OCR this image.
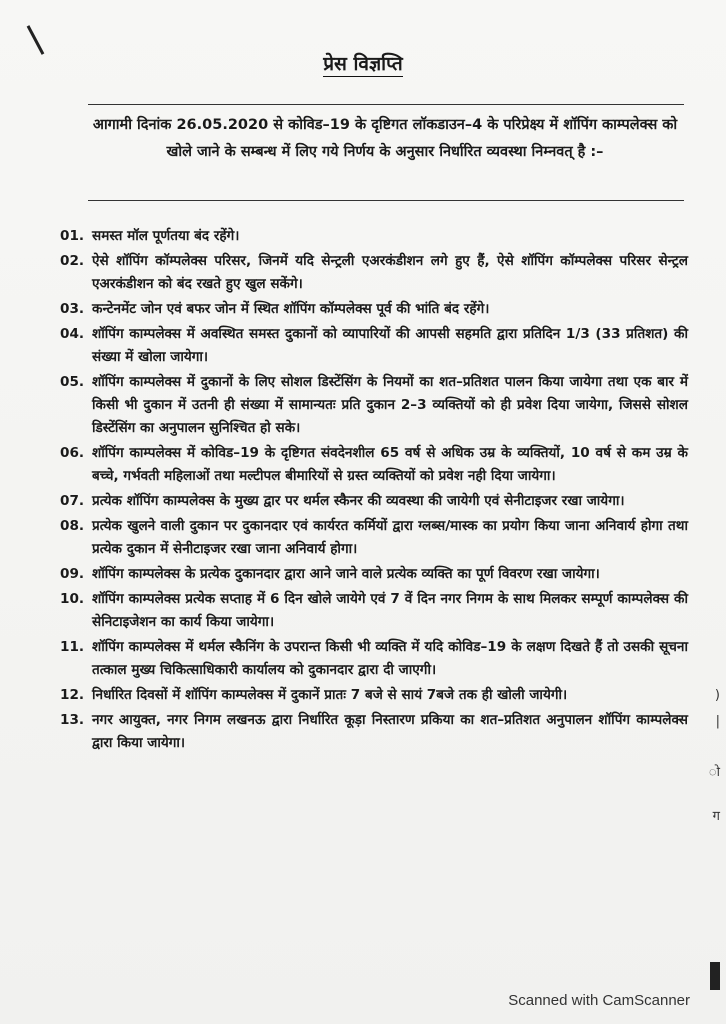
प्रेस विज्ञप्ति
आगामी दिनांक 26.05.2020 से कोविड–19 के दृष्टिगत लॉकडाउन–4 के परिप्रेक्ष्य में शॉपिंग काम्पलेक्स को खोले जाने के सम्बन्ध में लिए गये निर्णय के अनुसार निर्धारित व्यवस्था निम्नवत् है :–
01. समस्त मॉल पूर्णतया बंद रहेंगे।
02. ऐसे शॉपिंग कॉम्पलेक्स परिसर, जिनमें यदि सेन्ट्रली एअरकंडीशन लगे हुए हैं, ऐसे शॉपिंग कॉम्पलेक्स परिसर सेन्ट्रल एअरकंडीशन को बंद रखते हुए खुल सकेंगे।
03. कन्टेनमेंट जोन एवं बफर जोन में स्थित शॉपिंग कॉम्पलेक्स पूर्व की भांति बंद रहेंगे।
04. शॉपिंग काम्पलेक्स में अवस्थित समस्त दुकानों को व्यापारियों की आपसी सहमति द्वारा प्रतिदिन 1/3 (33 प्रतिशत) की संख्या में खोला जायेगा।
05. शॉपिंग काम्पलेक्स में दुकानों के लिए सोशल डिस्टेंसिंग के नियमों का शत–प्रतिशत पालन किया जायेगा तथा एक बार में किसी भी दुकान में उतनी ही संख्या में सामान्यतः प्रति दुकान 2–3 व्यक्तियों को ही प्रवेश दिया जायेगा, जिससे सोशल डिस्टेंसिंग का अनुपालन सुनिश्चित हो सके।
06. शॉपिंग काम्पलेक्स में कोविड–19 के दृष्टिगत संवदेनशील 65 वर्ष से अधिक उम्र के व्यक्तियों, 10 वर्ष से कम उम्र के बच्चे, गर्भवती महिलाओं तथा मल्टीपल बीमारियों से ग्रस्त व्यक्तियों को प्रवेश नही दिया जायेगा।
07. प्रत्येक शॉपिंग काम्पलेक्स के मुख्य द्वार पर थर्मल स्कैनर की व्यवस्था की जायेगी एवं सेनीटाइजर रखा जायेगा।
08. प्रत्येक खुलने वाली दुकान पर दुकानदार एवं कार्यरत कर्मियों द्वारा ग्लब्स/मास्क का प्रयोग किया जाना अनिवार्य होगा तथा प्रत्येक दुकान में सेनीटाइजर रखा जाना अनिवार्य होगा।
09. शॉपिंग काम्पलेक्स के प्रत्येक दुकानदार द्वारा आने जाने वाले प्रत्येक व्यक्ति का पूर्ण विवरण रखा जायेगा।
10. शॉपिंग काम्पलेक्स प्रत्येक सप्ताह में 6 दिन खोले जायेगे एवं 7 वें दिन नगर निगम के साथ मिलकर सम्पूर्ण काम्पलेक्स की सेनिटाइजेशन का कार्य किया जायेगा।
11. शॉपिंग काम्पलेक्स में थर्मल स्कैनिंग के उपरान्त किसी भी व्यक्ति में यदि कोविड–19 के लक्षण दिखते हैं तो उसकी सूचना तत्काल मुख्य चिकित्साधिकारी कार्यालय को दुकानदार द्वारा दी जाएगी।
12. निर्धारित दिवसों में शॉपिंग काम्पलेक्स में दुकानें प्रातः 7 बजे से सायं 7बजे तक ही खोली जायेगी।
13. नगर आयुक्त, नगर निगम लखनऊ द्वारा निर्धारित कूड़ा निस्तारण प्रकिया का शत–प्रतिशत अनुपालन शॉपिंग काम्पलेक्स द्वारा किया जायेगा।
)
|
ो
ग
Scanned with CamScanner
